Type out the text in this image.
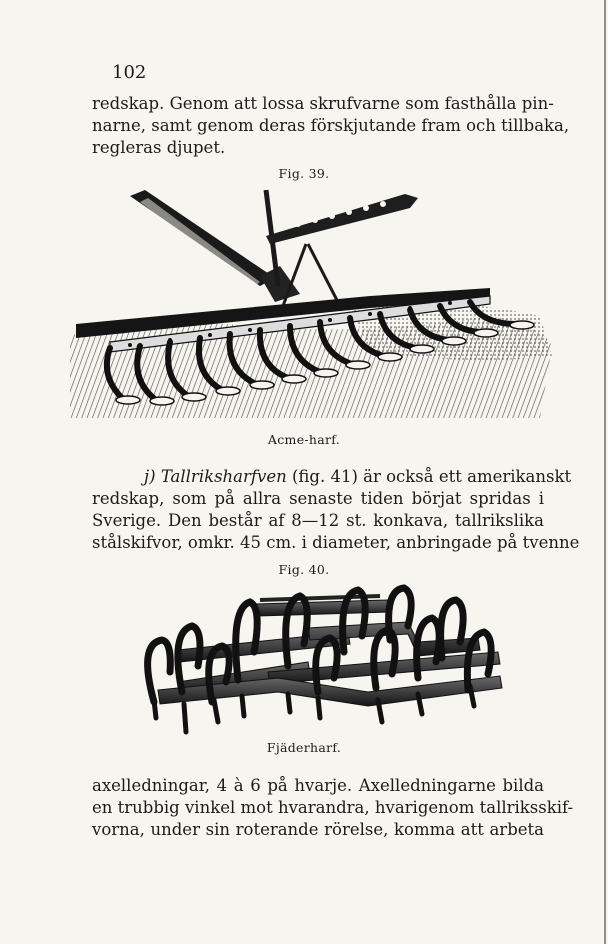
102

redskap. Genom att lossa skrufvarne som fasthålla pin-
narne, samt genom deras förskjutande fram och tillbaka,
regleras djupet.

Fig. 39.
Acme-harf.

j) Tallriksharfven (fig. 41) är också ett amerikanskt
redskap, som på allra senaste tiden börjat spridas i
Sverige. Den består af 8—12 st. konkava, tallrikslika
stålskifvor, omkr. 45 cm. i diameter, anbringade på tvenne

Fig. 40.
Fjäderharf.

axelledningar, 4 à 6 på hvarje. Axelledningarne bilda
en trubbig vinkel mot hvarandra, hvarigenom tallriksskif-
vorna, under sin roterande rörelse, komma att arbeta
